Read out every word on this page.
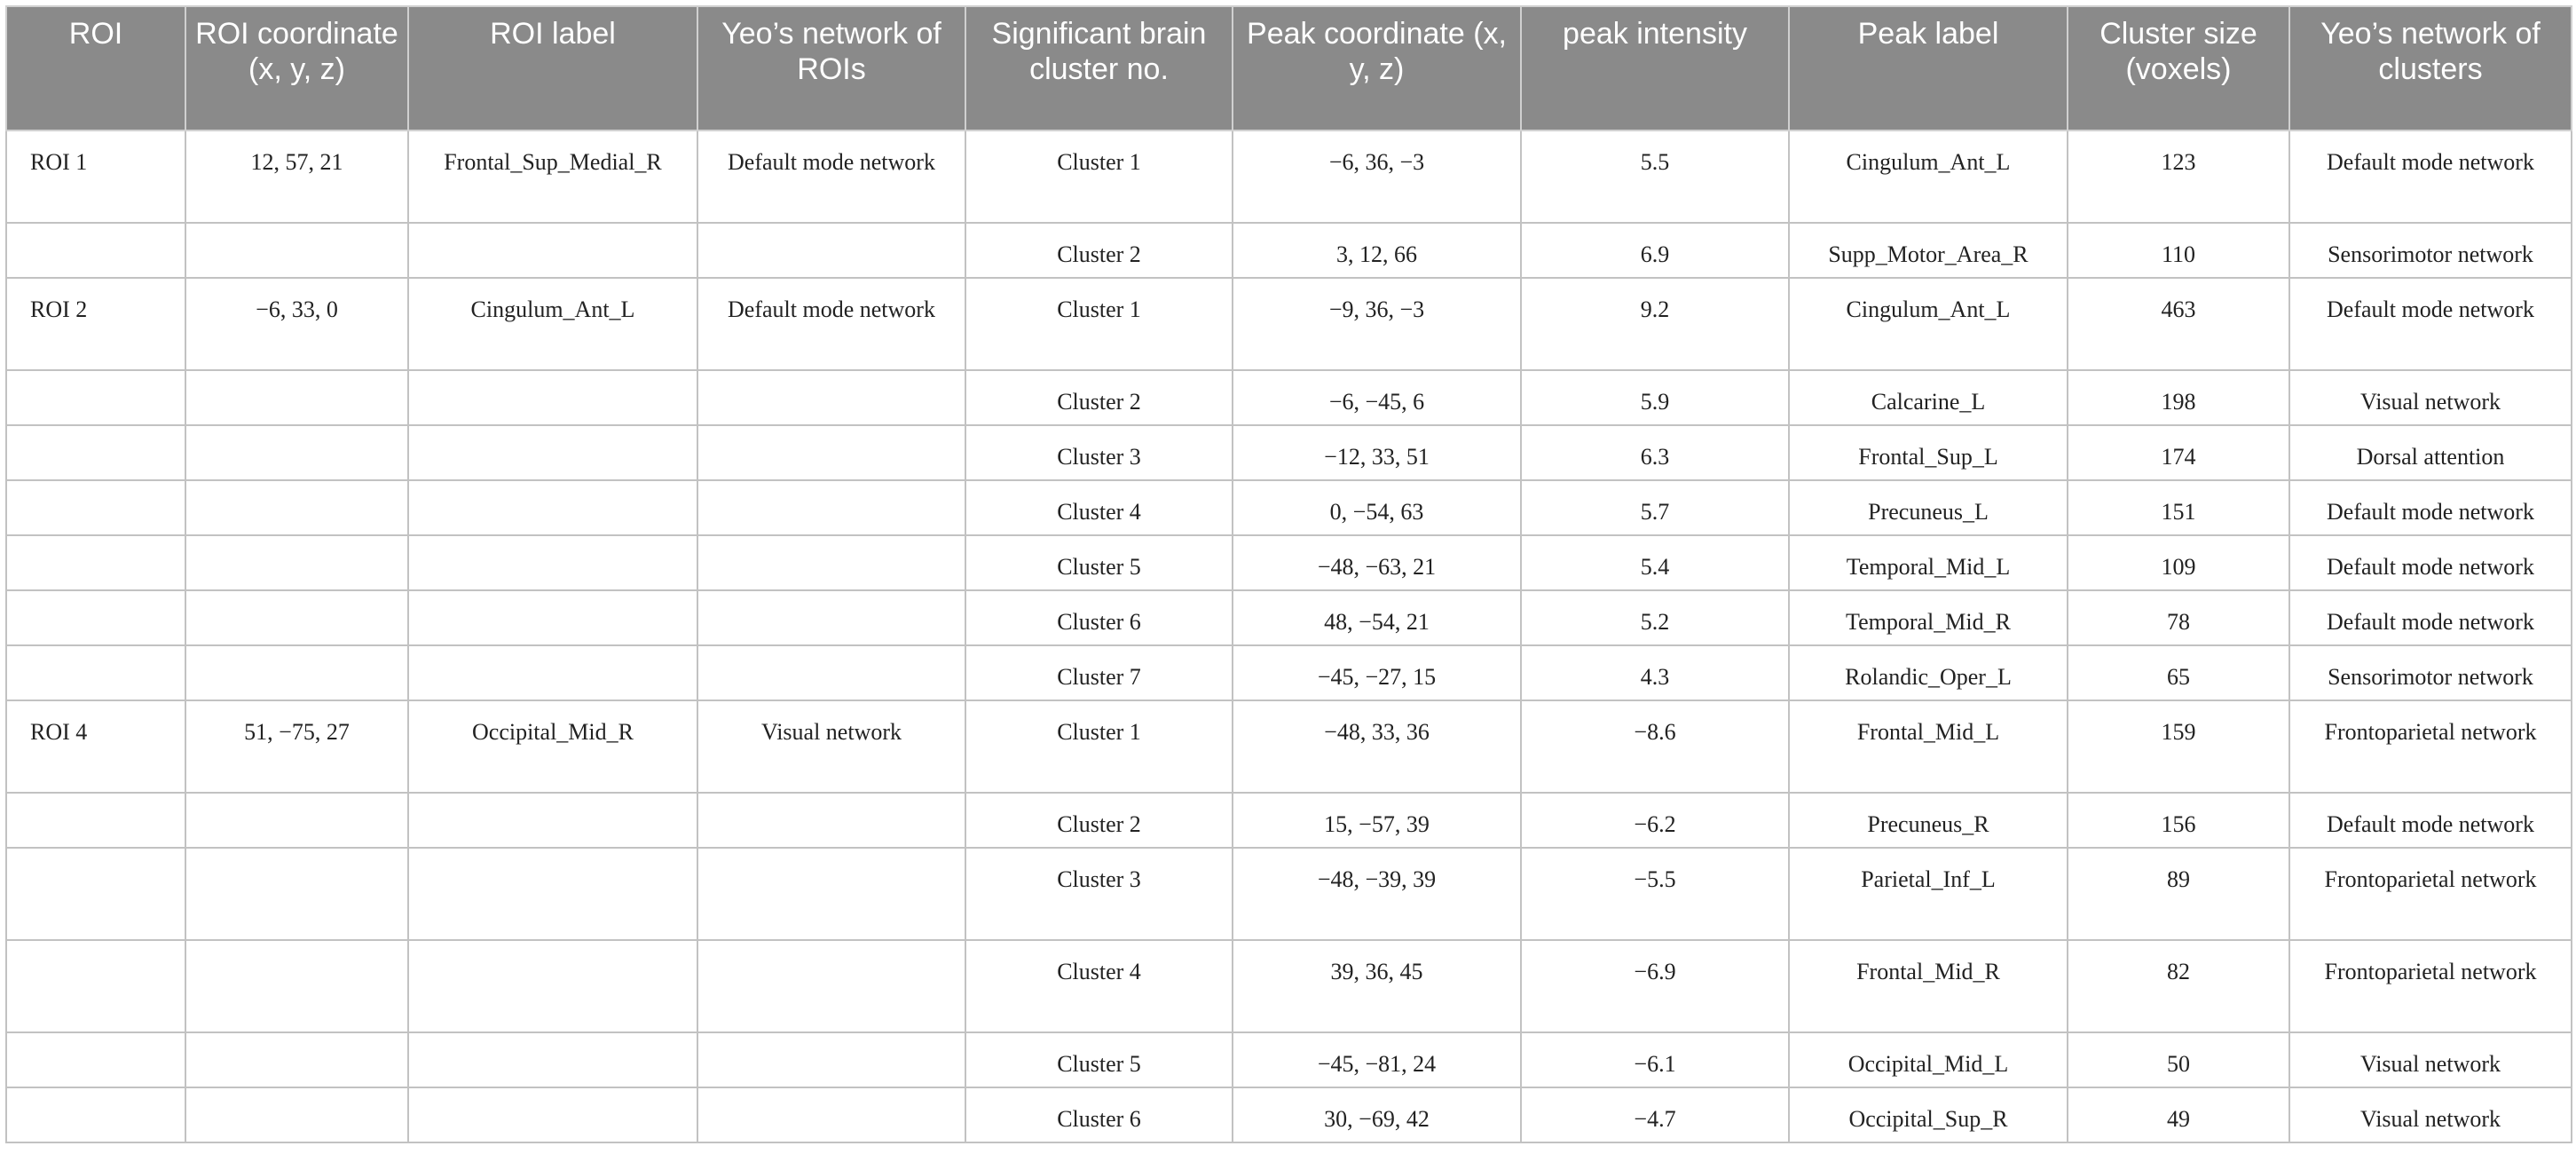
ROI	ROI coordinate (x, y, z)	ROI label	Yeo’s network of ROIs	Significant brain cluster no.	Peak coordinate (x, y, z)	peak intensity	Peak label	Cluster size (voxels)	Yeo’s network of clusters
ROI 1	12, 57, 21	Frontal_Sup_Medial_R	Default mode network	Cluster 1	−6, 36, −3	5.5	Cingulum_Ant_L	123	Default mode network
				Cluster 2	3, 12, 66	6.9	Supp_Motor_Area_R	110	Sensorimotor network
ROI 2	−6, 33, 0	Cingulum_Ant_L	Default mode network	Cluster 1	−9, 36, −3	9.2	Cingulum_Ant_L	463	Default mode network
				Cluster 2	−6, −45, 6	5.9	Calcarine_L	198	Visual network
				Cluster 3	−12, 33, 51	6.3	Frontal_Sup_L	174	Dorsal attention
				Cluster 4	0, −54, 63	5.7	Precuneus_L	151	Default mode network
				Cluster 5	−48, −63, 21	5.4	Temporal_Mid_L	109	Default mode network
				Cluster 6	48, −54, 21	5.2	Temporal_Mid_R	78	Default mode network
				Cluster 7	−45, −27, 15	4.3	Rolandic_Oper_L	65	Sensorimotor network
ROI 4	51, −75, 27	Occipital_Mid_R	Visual network	Cluster 1	−48, 33, 36	−8.6	Frontal_Mid_L	159	Frontoparietal network
				Cluster 2	15, −57, 39	−6.2	Precuneus_R	156	Default mode network
				Cluster 3	−48, −39, 39	−5.5	Parietal_Inf_L	89	Frontoparietal network
				Cluster 4	39, 36, 45	−6.9	Frontal_Mid_R	82	Frontoparietal network
				Cluster 5	−45, −81, 24	−6.1	Occipital_Mid_L	50	Visual network
				Cluster 6	30, −69, 42	−4.7	Occipital_Sup_R	49	Visual network
